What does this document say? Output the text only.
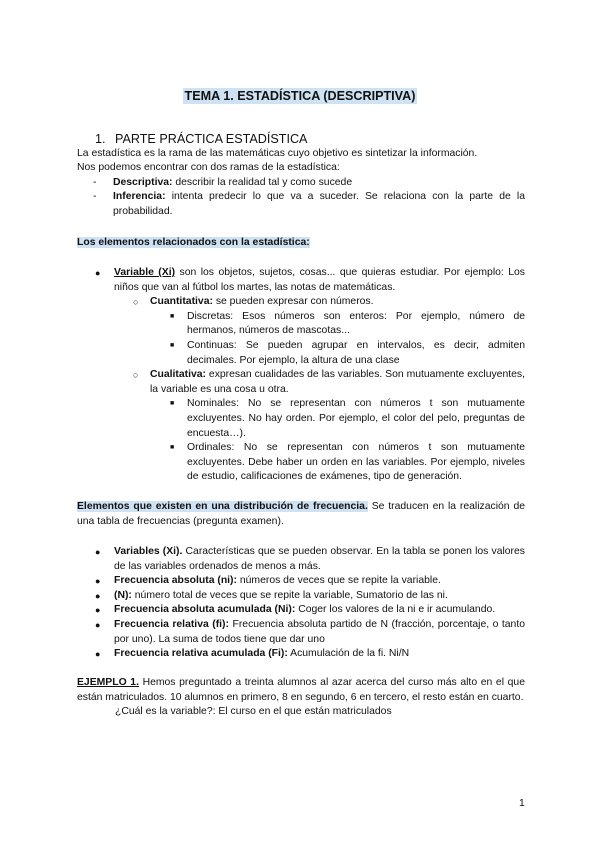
TEMA 1. ESTADÍSTICA (DESCRIPTIVA)
1. PARTE PRÁCTICA ESTADÍSTICA

La estadística es la rama de las matemáticas cuyo objetivo es sintetizar la información.

Nos podemos encontrar con dos ramas de la estadística:

- Descriptiva: describir la realidad tal y como sucede
- Inferencia: intenta predecir lo que va a suceder. Se relaciona con la parte de la probabilidad.

Los elementos relacionados con la estadística:

● Variable (Xi) son los objetos, sujetos, cosas... que quieras estudiar. Por ejemplo: Los niños que van al fútbol los martes, las notas de matemáticas.
○ Cuantitativa: se pueden expresar con números.
■ Discretas: Esos números son enteros: Por ejemplo, número de hermanos, números de mascotas...
■ Continuas: Se pueden agrupar en intervalos, es decir, admiten decimales. Por ejemplo, la altura de una clase
○ Cualitativa: expresan cualidades de las variables. Son mutuamente excluyentes, la variable es una cosa u otra.
■ Nominales: No se representan con números t son mutuamente excluyentes. No hay orden. Por ejemplo, el color del pelo, preguntas de encuesta…).
■ Ordinales: No se representan con números t son mutuamente excluyentes. Debe haber un orden en las variables. Por ejemplo, niveles de estudio, calificaciones de exámenes, tipo de generación.

Elementos que existen en una distribución de frecuencia. Se traducen en la realización de una tabla de frecuencias (pregunta examen).

● Variables (Xi). Características que se pueden observar. En la tabla se ponen los valores de las variables ordenados de menos a más.
● Frecuencia absoluta (ni): números de veces que se repite la variable.
● (N): número total de veces que se repite la variable, Sumatorio de las ni.
● Frecuencia absoluta acumulada (Ni): Coger los valores de la ni e ir acumulando.
● Frecuencia relativa (fi): Frecuencia absoluta partido de N (fracción, porcentaje, o tanto por uno). La suma de todos tiene que dar uno
● Frecuencia relativa acumulada (Fi): Acumulación de la fi. Ni/N

EJEMPLO 1. Hemos preguntado a treinta alumnos al azar acerca del curso más alto en el que están matriculados. 10 alumnos en primero, 8 en segundo, 6 en tercero, el resto están en cuarto.

¿Cuál es la variable?: El curso en el que están matriculados

1
